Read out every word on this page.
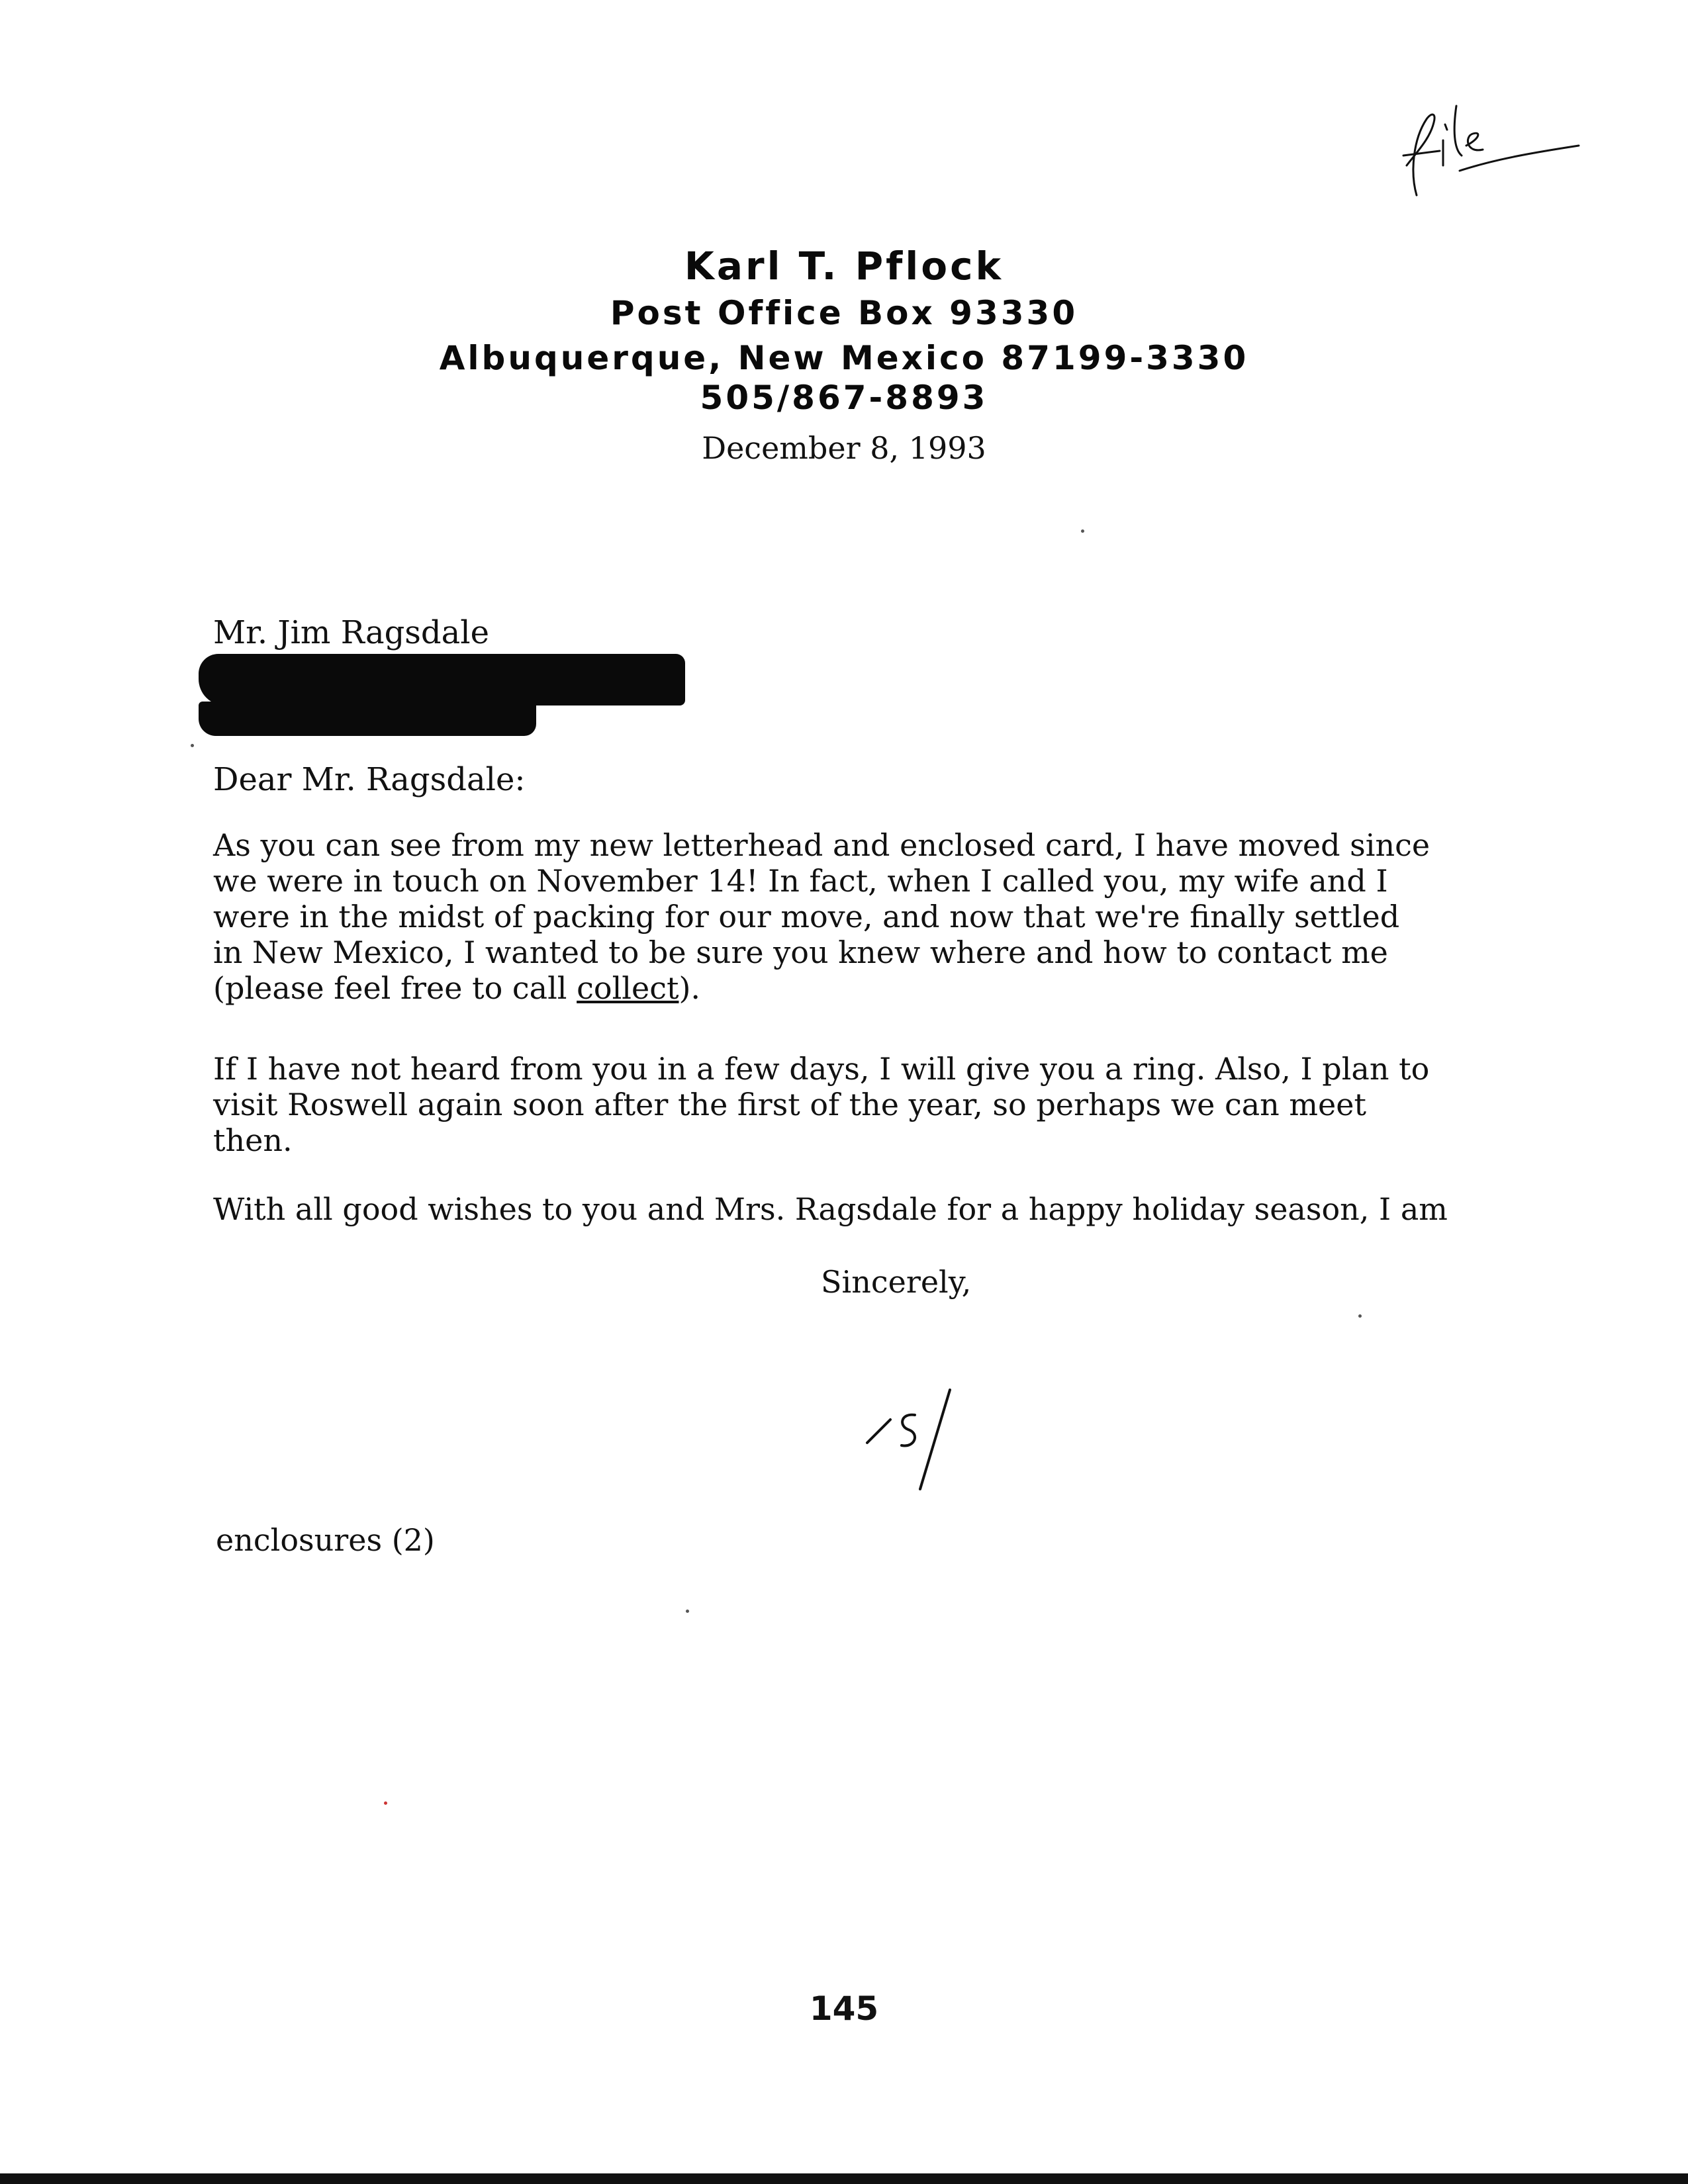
Karl T. Pflock
Post Office Box 93330
Albuquerque, New Mexico 87199-3330
505/867-8893
December 8, 1993
Mr. Jim Ragsdale
Dear Mr. Ragsdale:
As you can see from my new letterhead and enclosed card, I have moved since
we were in touch on November 14! In fact, when I called you, my wife and I
were in the midst of packing for our move, and now that we're finally settled
in New Mexico, I wanted to be sure you knew where and how to contact me
(please feel free to call collect).
If I have not heard from you in a few days, I will give you a ring. Also, I plan to
visit Roswell again soon after the first of the year, so perhaps we can meet
then.
With all good wishes to you and Mrs. Ragsdale for a happy holiday season, I am
Sincerely,
enclosures (2)
145
